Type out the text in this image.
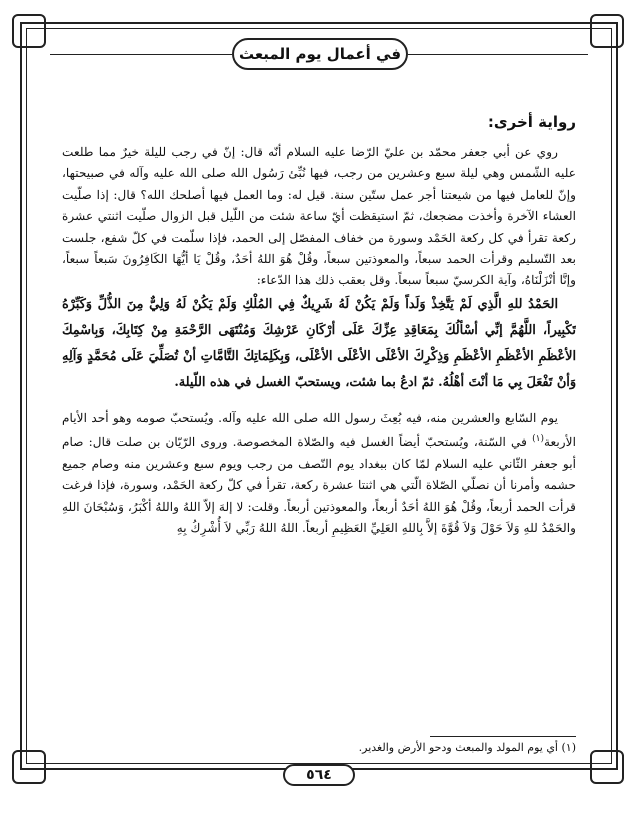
في أعمال يوم المبعث
رواية أخرى:

روي عن أبي جعفر محمّد بن عليّ الرّضا عليه السلام أنّه قال: إنّ في رجب لليلة خيرٌ مما طلعت عليه الشّمس وهي ليلة سبع وعشرين من رجب، فيها نُبِّئ رَسُول الله صلى الله عليه وآله في صبيحتها، وإنّ للعامل فيها من شيعتنا أجر عمل ستّين سنة. قيل له: وما العمل فيها أصلحك الله؟ قال: إذا صلّيت العشاء الآخرة وأخذت مضجعك، ثمّ استيقظت أيّ ساعة شئت من اللّيل قبل الزوال صلّيت اثنتي عشرة ركعة تقرأ في كل ركعة الحَمْد وسورة من خفاف المفصّل إلى الحمد، فإذا سلّمت في كلّ شفع، جلست بعد التّسليم وقرأت الحمد سبعاً، والمعوذتين سبعاً، وقُلْ هُوَ اللهُ أحَدٌ، وقُلْ يَا أيُّهَا الكَافِرُونَ سَبعاً سبعاً، وإنَّا أنْزَلْنَاهُ، وآية الكرسيّ سبعاً سبعاً. وقل بعقب ذلك هذا الدّعاء:

الحَمْدُ للهِ الَّذِي لَمْ يَتَّخِذْ وَلَداً وَلَمْ يَكُنْ لَهُ شَرِيكٌ فِي المُلْكِ وَلَمْ يَكُنْ لَهُ وَلِيٌّ مِنَ الذُّلِّ وَكَبِّرْهُ تَكْبِيراً، اللَّهُمَّ إنِّي أسْألُكَ بِمَعَاقِدِ عِزِّكَ عَلَى أرْكَانِ عَرْشِكَ وَمُنْتَهَى الرَّحْمَةِ مِنْ كِتَابِكَ، وَبِاسْمِكَ الأعْظَمِ الأعْظَمِ الأعْظَمِ وَذِكْرِكَ الأعْلَى الأعْلَى الأعْلَى، وَبِكَلِمَاتِكَ التَّامَّاتِ أنْ تُصَلِّيَ عَلَى مُحَمَّدٍ وَآلِهِ وَأنْ تَفْعَلَ بِي مَا أنْتَ أهْلُهُ. ثمّ ادعُ بما شئت، ويستحبّ الغسل في هذه اللّيلة.

يوم السّابع والعشرين منه، فيه بُعِثَ رسول الله صلى الله عليه وآله. ويُستحبّ صومه وهو أحد الأيام الأربعة$^{(١)}$ في السّنة، ويُستحبّ أيضاً الغسل فيه والصّلاة المخصوصة. وروى الرّيّان بن صلت قال: صام أبو جعفر الثّاني عليه السلام لمّا كان ببغداد يوم النّصف من رجب ويوم سبع وعشرين منه وصام جميع حشمه وأمرنا أن نصلّي الصّلاة الّتي هي اثنتا عشرة ركعة، تقرأ في كلّ ركعة الحَمْد، وسورة، فإذا فرغت قرأت الحمد أربعاً، وقُلْ هُوَ اللهُ أحَدٌ أربعاً، والمعوذتين أربعاً. وقلت: لا إلهَ إلاّ اللهُ واللهُ أكْبَرُ، وَسُبْحَانَ اللهِ والحَمْدُ للهِ وَلاَ حَوْلَ وَلاَ قُوَّةَ إلاَّ بِاللهِ العَلِيِّ العَظِيمِ أربعاً. اللهُ اللهُ رَبِّي لاَ أُشْرِكُ بِهِ

(١) أي يوم المولد والمبعث ودحو الأرض والغدير.
٥٦٤
